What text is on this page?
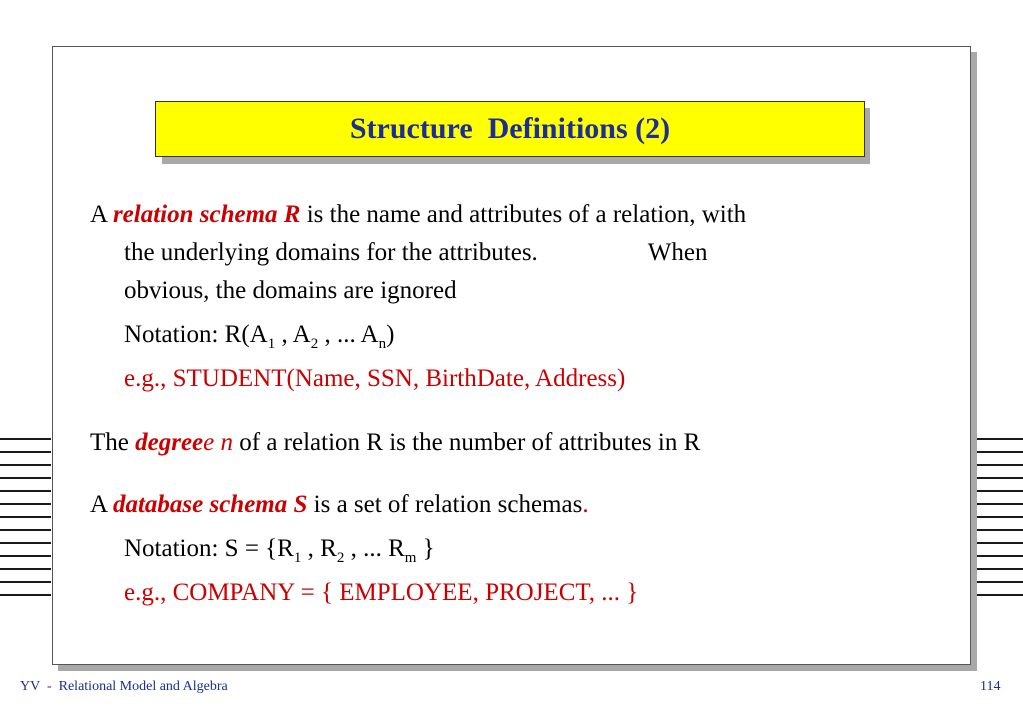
Structure  Definitions (2)
A relation schema R is the name and attributes of a relation, with
the underlying domains for the attributes.	When
obvious, the domains are ignored
Notation: $R(A_1$ , $A_2$ , ... $A_n$)
e.g., STUDENT(Name, SSN, BirthDate, Address)
The degreee n of a relation R is the number of attributes in R
A database schema S is a set of relation schemas.
Notation: $S = \{R_1$ , $R_2$ , ... $R_m$ }
e.g., COMPANY = { EMPLOYEE, PROJECT, ... }
YV  -  Relational Model and Algebra	114
